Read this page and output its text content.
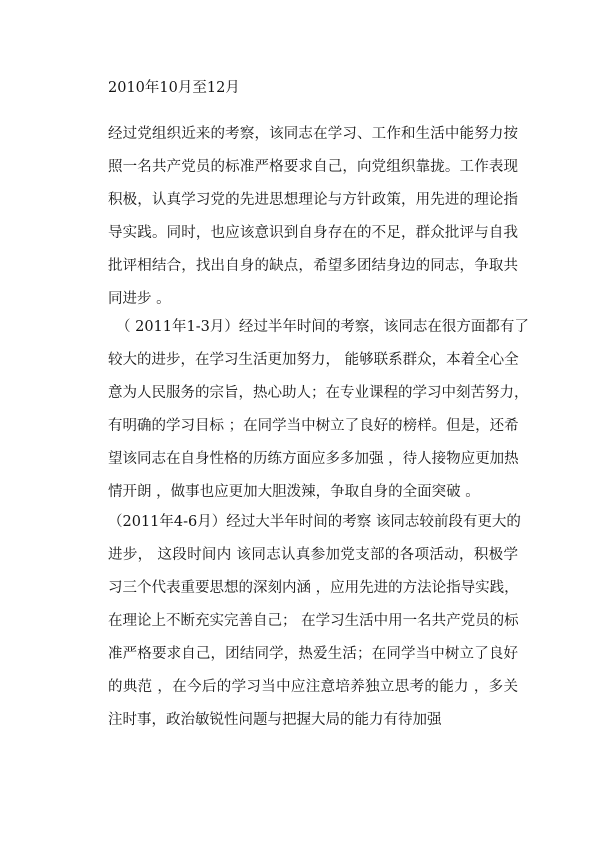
2010年10月至12月

经过党组织近来的考察，该同志在学习、工作和生活中能努力按

照一名共产党员的标准严格要求自己，向党组织靠拢。工作表现

积极，认真学习党的先进思想理论与方针政策，用先进的理论指

导实践。同时，也应该意识到自身存在的不足，群众批评与自我

批评相结合，找出自身的缺点，希望多团结身边的同志，争取共

同进步 。

（ 2011年1-3月）经过半年时间的考察，该同志在很方面都有了

较大的进步，在学习生活更加努力， 能够联系群众，本着全心全

意为人民服务的宗旨，热心助人；在专业课程的学习中刻苦努力，

有明确的学习目标 ；在同学当中树立了良好的榜样。但是，还希

望该同志在自身性格的历练方面应多多加强 ，待人接物应更加热

情开朗 ，做事也应更加大胆泼辣，争取自身的全面突破 。

（2011年4-6月）经过大半年时间的考察 该同志较前段有更大的

进步， 这段时间内 该同志认真参加党支部的各项活动，积极学

习三个代表重要思想的深刻内涵 ，应用先进的方法论指导实践，

在理论上不断充实完善自己； 在学习生活中用一名共产党员的标

准严格要求自己，团结同学，热爱生活；在同学当中树立了良好

的典范 ，在今后的学习当中应注意培养独立思考的能力 ，多关

注时事，政治敏锐性问题与把握大局的能力有待加强
